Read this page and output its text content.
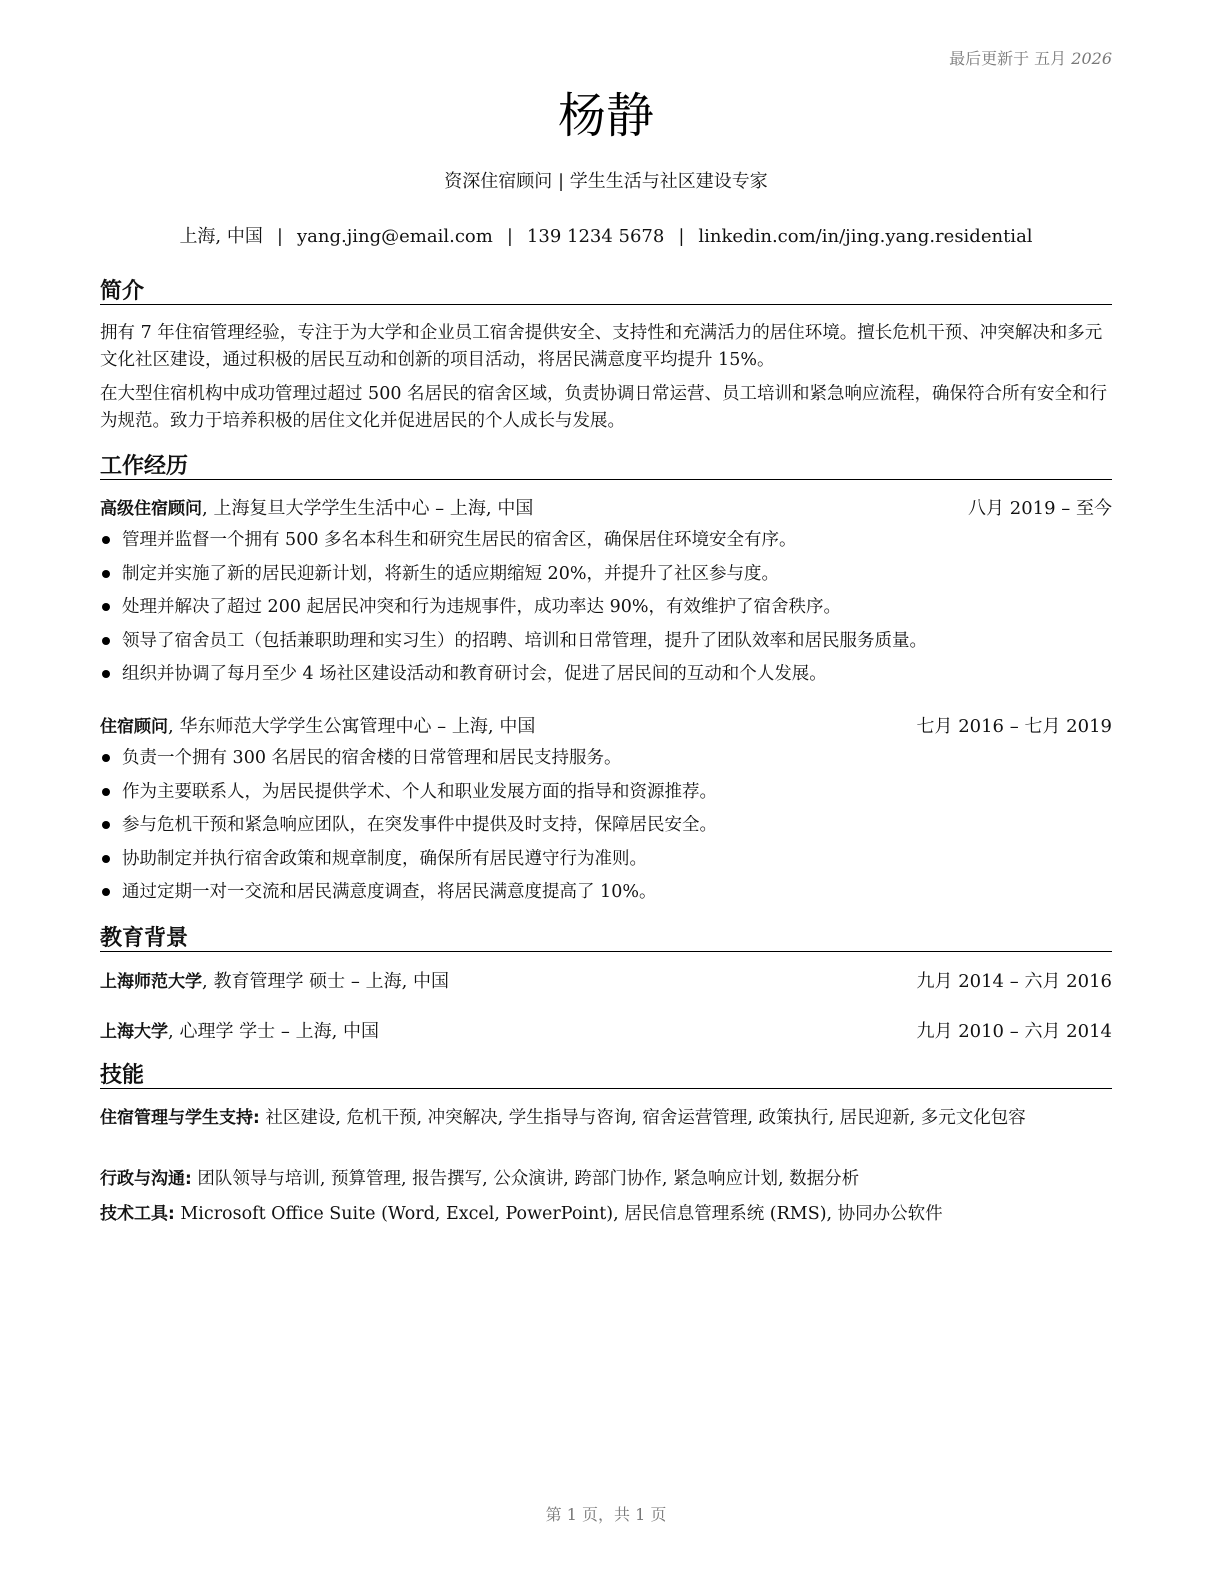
最后更新于 五月 2026
杨静
资深住宿顾问 | 学生生活与社区建设专家
上海, 中国 | yang.jing@email.com | 139 1234 5678 | linkedin.com/in/jing.yang.residential
简介

拥有 7 年住宿管理经验，专注于为大学和企业员工宿舍提供安全、支持性和充满活力的居住环境。擅长危机干预、冲突解决和多元文化社区建设，通过积极的居民互动和创新的项目活动，将居民满意度平均提升 15%。

在大型住宿机构中成功管理过超过 500 名居民的宿舍区域，负责协调日常运营、员工培训和紧急响应流程，确保符合所有安全和行为规范。致力于培养积极的居住文化并促进居民的个人成长与发展。

工作经历
高级住宿顾问, 上海复旦大学学生生活中心 – 上海, 中国	八月 2019 – 至今
管理并监督一个拥有 500 多名本科生和研究生居民的宿舍区，确保居住环境安全有序。
制定并实施了新的居民迎新计划，将新生的适应期缩短 20%，并提升了社区参与度。
处理并解决了超过 200 起居民冲突和行为违规事件，成功率达 90%，有效维护了宿舍秩序。
领导了宿舍员工（包括兼职助理和实习生）的招聘、培训和日常管理，提升了团队效率和居民服务质量。
组织并协调了每月至少 4 场社区建设活动和教育研讨会，促进了居民间的互动和个人发展。
住宿顾问, 华东师范大学学生公寓管理中心 – 上海, 中国	七月 2016 – 七月 2019
负责一个拥有 300 名居民的宿舍楼的日常管理和居民支持服务。
作为主要联系人，为居民提供学术、个人和职业发展方面的指导和资源推荐。
参与危机干预和紧急响应团队，在突发事件中提供及时支持，保障居民安全。
协助制定并执行宿舍政策和规章制度，确保所有居民遵守行为准则。
通过定期一对一交流和居民满意度调查，将居民满意度提高了 10%。
教育背景
上海师范大学, 教育管理学 硕士 – 上海, 中国	九月 2014 – 六月 2016
上海大学, 心理学 学士 – 上海, 中国	九月 2010 – 六月 2014
技能
住宿管理与学生支持: 社区建设, 危机干预, 冲突解决, 学生指导与咨询, 宿舍运营管理, 政策执行, 居民迎新, 多元文化包容
行政与沟通: 团队领导与培训, 预算管理, 报告撰写, 公众演讲, 跨部门协作, 紧急响应计划, 数据分析
技术工具: Microsoft Office Suite (Word, Excel, PowerPoint), 居民信息管理系统 (RMS), 协同办公软件
第 1 页，共 1 页
